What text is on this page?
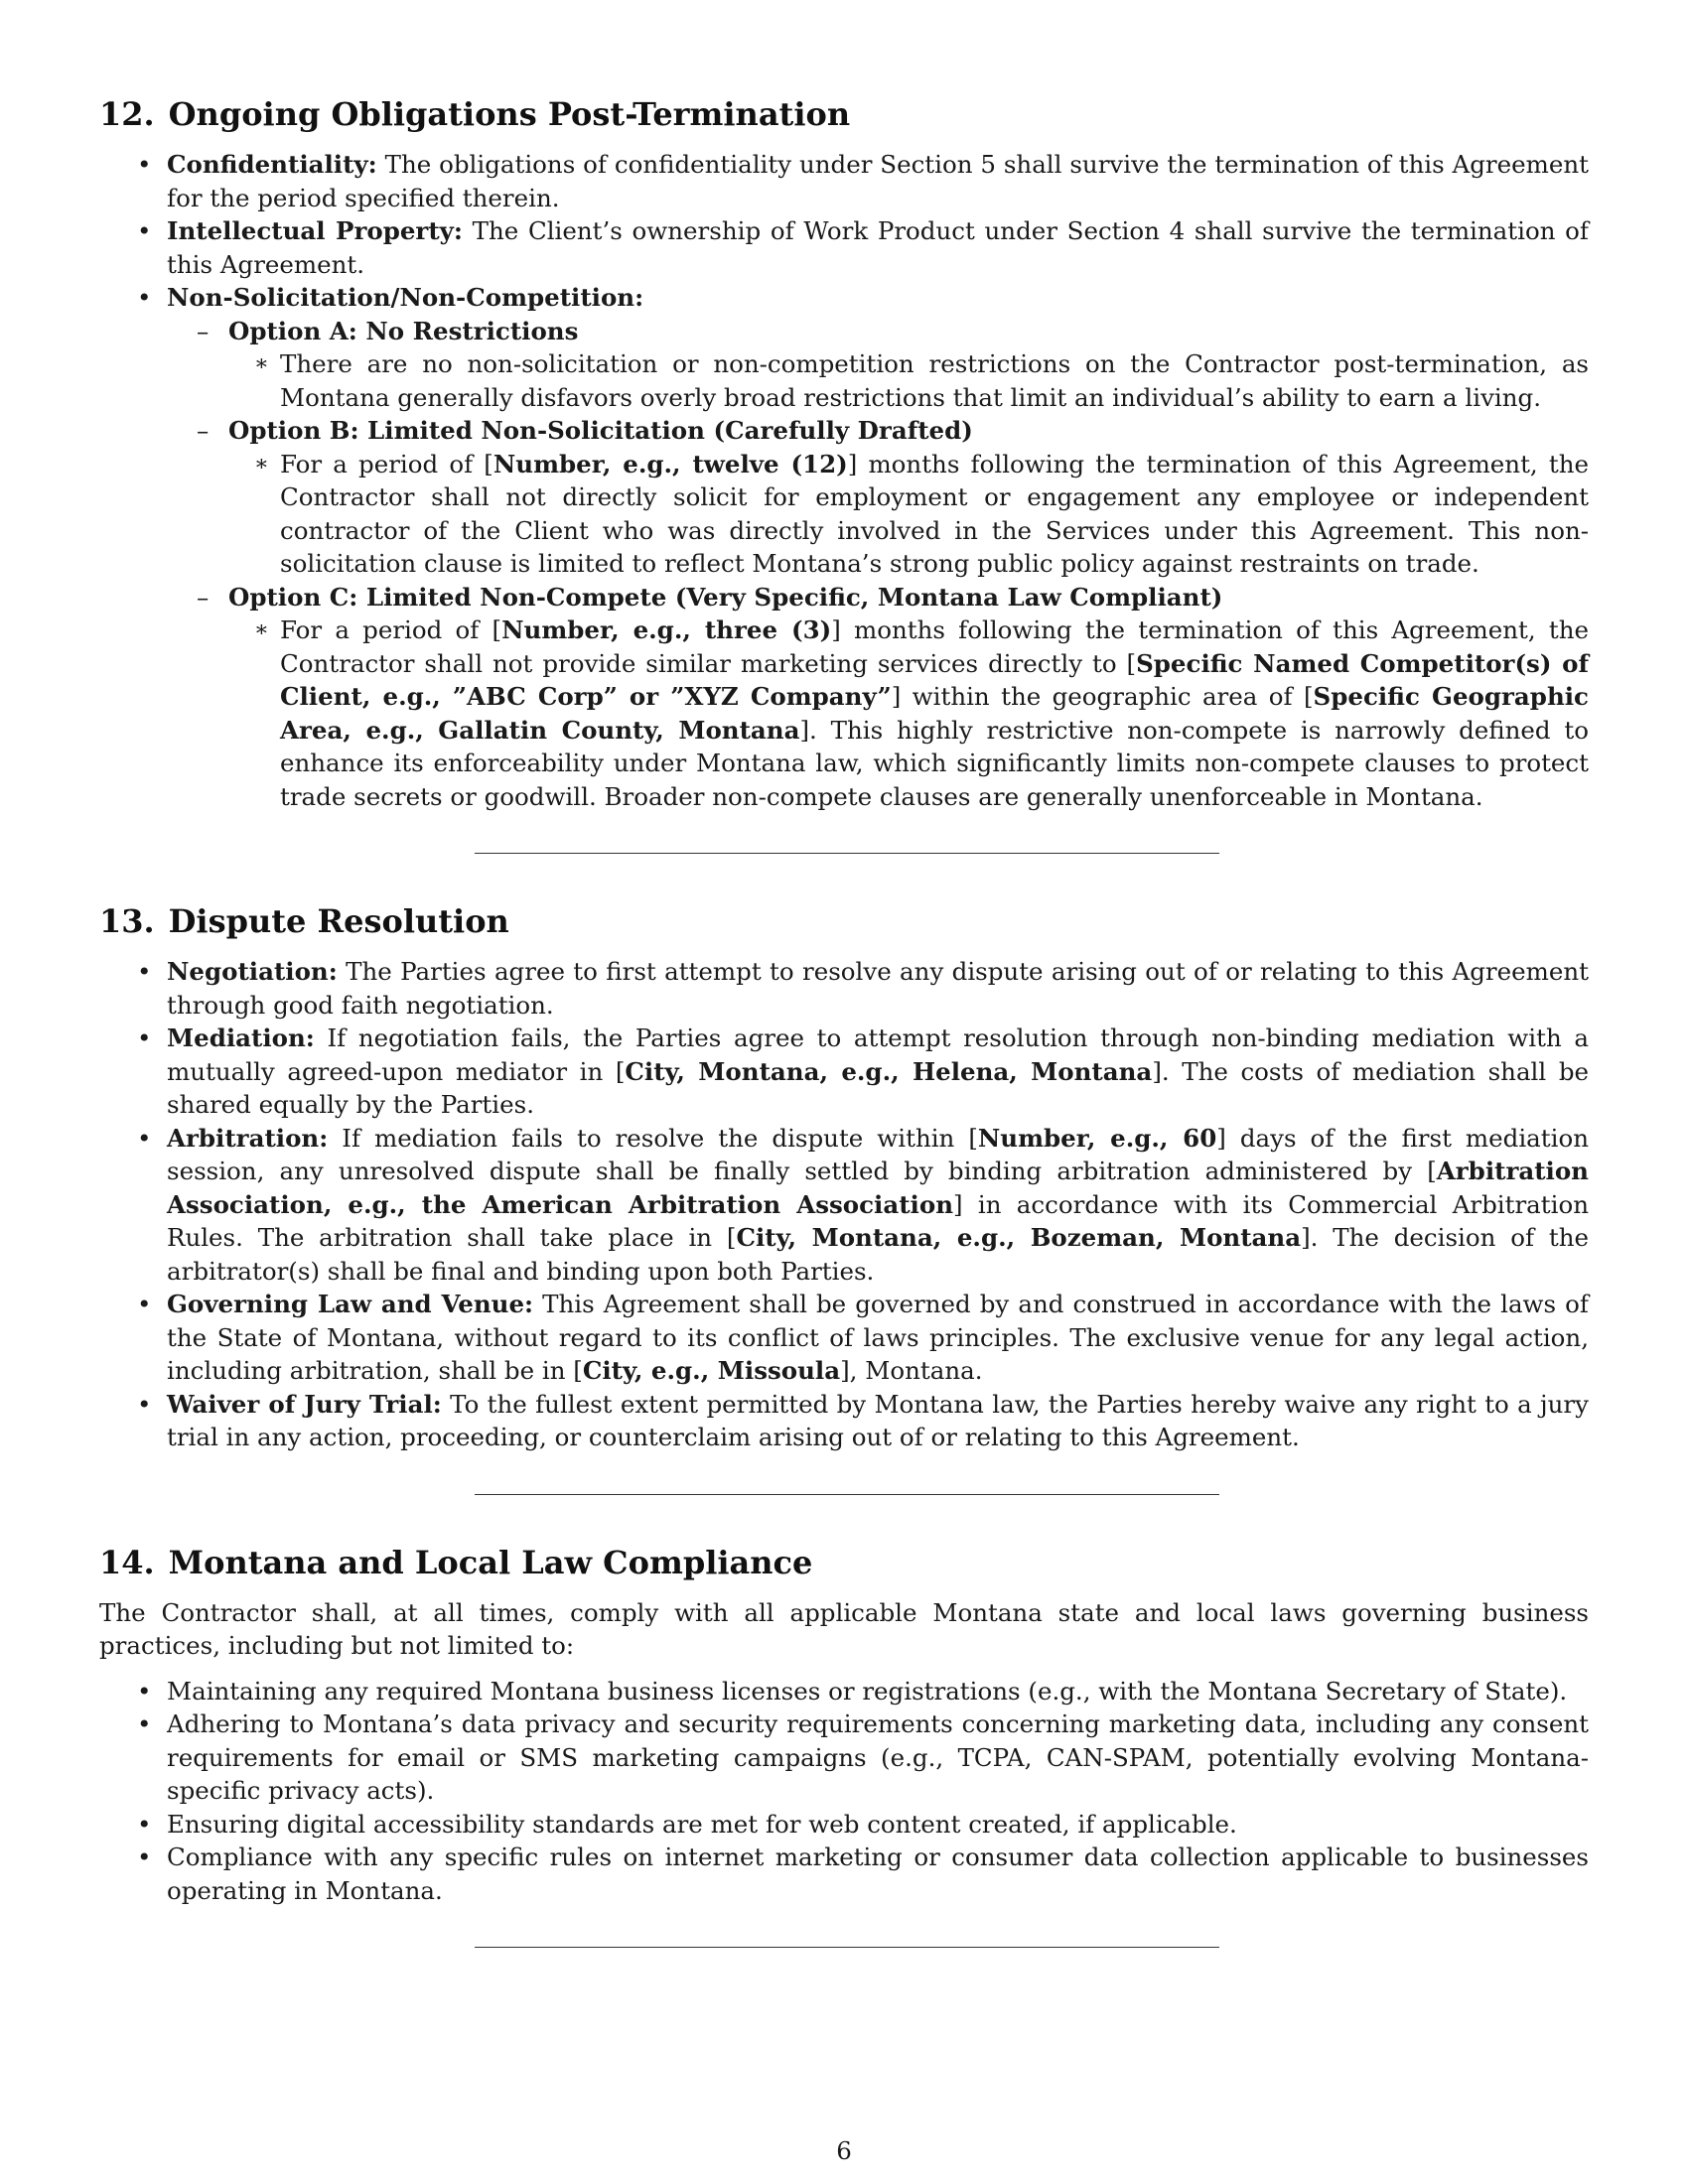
12. Ongoing Obligations Post-Termination
• Confidentiality: The obligations of confidentiality under Section 5 shall survive the termination of this Agreement for the period specified therein.
• Intellectual Property: The Client’s ownership of Work Product under Section 4 shall survive the termination of this Agreement.
• Non-Solicitation/Non-Competition:
– Option A: No Restrictions
∗ There are no non-solicitation or non-competition restrictions on the Contractor post-termination, as Montana generally disfavors overly broad restrictions that limit an individual’s ability to earn a living.
– Option B: Limited Non-Solicitation (Carefully Drafted)
∗ For a period of [Number, e.g., twelve (12)] months following the termination of this Agreement, the Contractor shall not directly solicit for employment or engagement any employee or independent contractor of the Client who was directly involved in the Services under this Agreement. This non-solicitation clause is limited to reflect Montana’s strong public policy against restraints on trade.
– Option C: Limited Non-Compete (Very Specific, Montana Law Compliant)
∗ For a period of [Number, e.g., three (3)] months following the termination of this Agreement, the Contractor shall not provide similar marketing services directly to [Specific Named Competitor(s) of Client, e.g., ”ABC Corp” or ”XYZ Company”] within the geographic area of [Specific Geographic Area, e.g., Gallatin County, Montana]. This highly restrictive non-compete is narrowly defined to enhance its enforceability under Montana law, which significantly limits non-compete clauses to protect trade secrets or goodwill. Broader non-compete clauses are generally unenforceable in Montana.
13. Dispute Resolution
• Negotiation: The Parties agree to first attempt to resolve any dispute arising out of or relating to this Agreement through good faith negotiation.
• Mediation: If negotiation fails, the Parties agree to attempt resolution through non-binding mediation with a mutually agreed-upon mediator in [City, Montana, e.g., Helena, Montana]. The costs of mediation shall be shared equally by the Parties.
• Arbitration: If mediation fails to resolve the dispute within [Number, e.g., 60] days of the first mediation session, any unresolved dispute shall be finally settled by binding arbitration administered by [Arbitration Association, e.g., the American Arbitration Association] in accordance with its Commercial Arbitration Rules. The arbitration shall take place in [City, Montana, e.g., Bozeman, Montana]. The decision of the arbitrator(s) shall be final and binding upon both Parties.
• Governing Law and Venue: This Agreement shall be governed by and construed in accordance with the laws of the State of Montana, without regard to its conflict of laws principles. The exclusive venue for any legal action, including arbitration, shall be in [City, e.g., Missoula], Montana.
• Waiver of Jury Trial: To the fullest extent permitted by Montana law, the Parties hereby waive any right to a jury trial in any action, proceeding, or counterclaim arising out of or relating to this Agreement.
14. Montana and Local Law Compliance

The Contractor shall, at all times, comply with all applicable Montana state and local laws governing business practices, including but not limited to:

• Maintaining any required Montana business licenses or registrations (e.g., with the Montana Secretary of State).
• Adhering to Montana’s data privacy and security requirements concerning marketing data, including any consent requirements for email or SMS marketing campaigns (e.g., TCPA, CAN-SPAM, potentially evolving Montana-specific privacy acts).
• Ensuring digital accessibility standards are met for web content created, if applicable.
• Compliance with any specific rules on internet marketing or consumer data collection applicable to businesses operating in Montana.
6
